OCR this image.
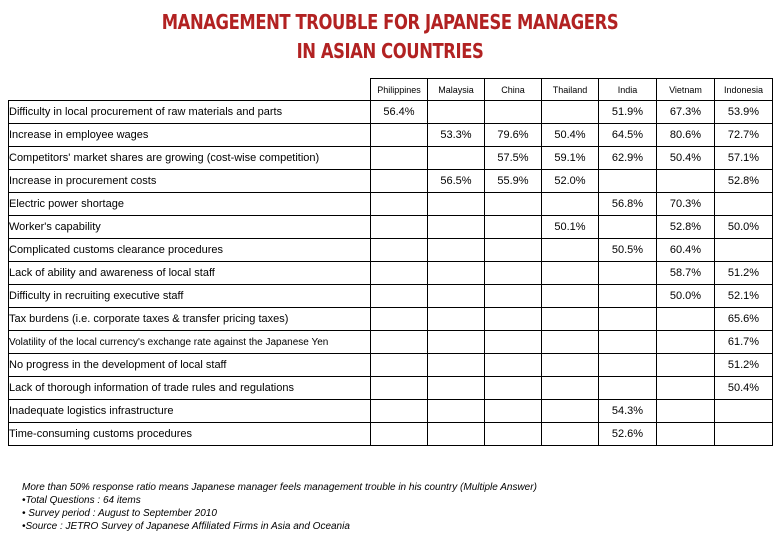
MANAGEMENT TROUBLE FOR JAPANESE MANAGERS
IN ASIAN COUNTRIES
	Philippines	Malaysia	China	Thailand	India	Vietnam	Indonesia
Difficulty in local procurement of raw materials and parts	56.4%				51.9%	67.3%	53.9%
Increase in employee wages		53.3%	79.6%	50.4%	64.5%	80.6%	72.7%
Competitors' market shares are growing (cost-wise competition)			57.5%	59.1%	62.9%	50.4%	57.1%
Increase in procurement costs		56.5%	55.9%	52.0%			52.8%
Electric power shortage					56.8%	70.3%	
Worker's capability				50.1%		52.8%	50.0%
Complicated customs clearance procedures					50.5%	60.4%	
Lack of ability and awareness of local staff						58.7%	51.2%
Difficulty in recruiting executive staff						50.0%	52.1%
Tax burdens (i.e. corporate taxes & transfer pricing taxes)							65.6%
Volatility of the local currency's exchange rate against the Japanese Yen							61.7%
No progress in the development of local staff							51.2%
Lack of thorough information of trade rules and regulations							50.4%
Inadequate logistics infrastructure					54.3%		
Time-consuming customs procedures					52.6%		
More than 50% response ratio means Japanese manager feels management trouble in his country (Multiple Answer)
•Total Questions : 64 items
• Survey period : August to September 2010
•Source : JETRO Survey of Japanese Affiliated Firms in Asia and Oceania
